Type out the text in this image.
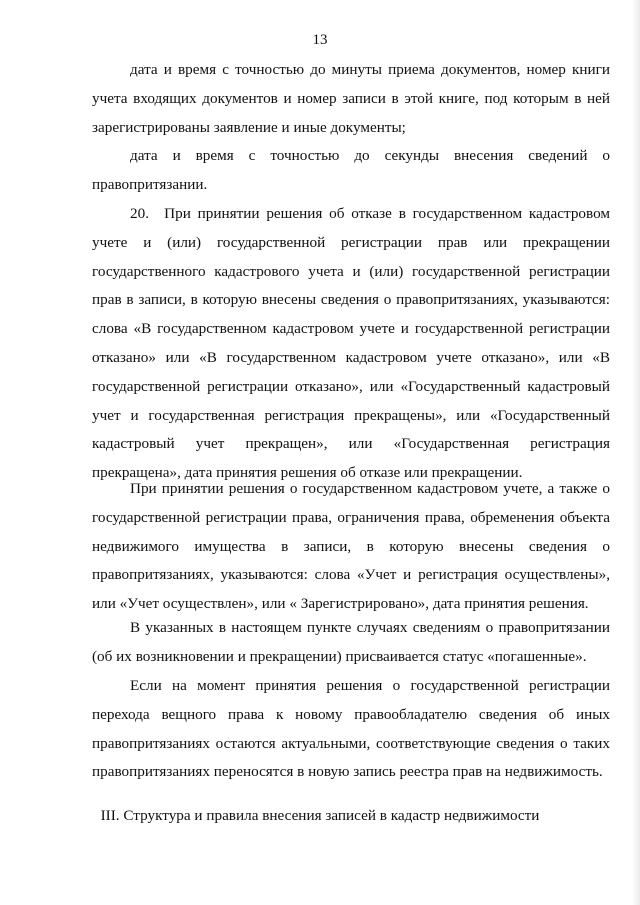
13

дата и время с точностью до минуты приема документов, номер книги учета входящих документов и номер записи в этой книге, под которым в ней зарегистрированы заявление и иные документы;

дата и время с точностью до секунды внесения сведений о правопритязании.

20. При принятии решения об отказе в государственном кадастровом учете и (или) государственной регистрации прав или прекращении государственного кадастрового учета и (или) государственной регистрации прав в записи, в которую внесены сведения о правопритязаниях, указываются: слова «В государственном кадастровом учете и государственной регистрации отказано» или «В государственном кадастровом учете отказано», или «В государственной регистрации отказано», или «Государственный кадастровый учет и государственная регистрация прекращены», или «Государственный кадастровый учет прекращен», или «Государственная регистрация прекращена», дата принятия решения об отказе или прекращении.

При принятии решения о государственном кадастровом учете, а также о государственной регистрации права, ограничения права, обременения объекта недвижимого имущества в записи, в которую внесены сведения о правопритязаниях, указываются: слова «Учет и регистрация осуществлены», или «Учет осуществлен», или « Зарегистрировано», дата принятия решения.

В указанных в настоящем пункте случаях сведениям о правопритязании (об их возникновении и прекращении) присваивается статус «погашенные».

Если на момент принятия решения о государственной регистрации перехода вещного права к новому правообладателю сведения об иных правопритязаниях остаются актуальными, соответствующие сведения о таких правопритязаниях переносятся в новую запись реестра прав на недвижимость.

III. Структура и правила внесения записей в кадастр недвижимости
